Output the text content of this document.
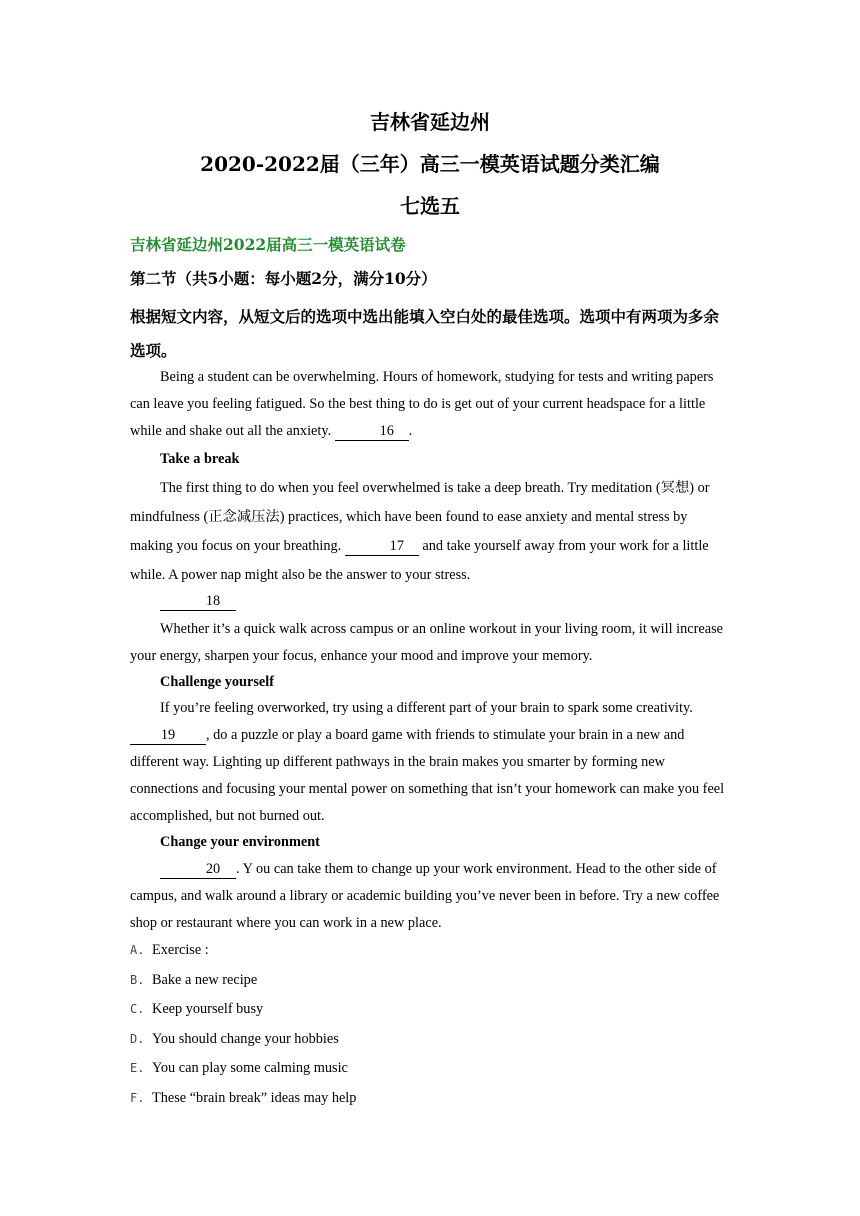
吉林省延边州
2020-2022届（三年）高三一模英语试题分类汇编
七选五
吉林省延边州2022届高三一模英语试卷
第二节（共5小题：每小题2分，满分10分）
根据短文内容，从短文后的选项中选出能填入空白处的最佳选项。选项中有两项为多余选项。
Being a student can be overwhelming. Hours of homework, studying for tests and writing papers can leave you feeling fatigued. So the best thing to do is get out of your current headspace for a little while and shake out all the anxiety.	16 .
Take a break
The first thing to do when you feel overwhelmed is take a deep breath. Try meditation (冥想) or mindfulness (正念减压法) practices, which have been found to ease anxiety and mental stress by making you focus on your breathing.	17 and take yourself away from your work for a little while. A power nap might also be the answer to your stress.
18
Whether it’s a quick walk across campus or an online workout in your living room, it will increase your energy, sharpen your focus, enhance your mood and improve your memory.
Challenge yourself
If you’re feeling overworked, try using a different part of your brain to spark some creativity.
19 , do a puzzle or play a board game with friends to stimulate your brain in a new and different way. Lighting up different pathways in the brain makes you smarter by forming new connections and focusing your mental power on something that isn’t your homework can make you feel accomplished, but not burned out.
Change your environment
20 . Y ou can take them to change up your work environment. Head to the other side of campus, and walk around a library or academic building you’ve never been in before. Try a new coffee shop or restaurant where you can work in a new place.
A. Exercise :
B. Bake a new recipe
C. Keep yourself busy
D. You should change your hobbies
E. You can play some calming music
F. These “brain break” ideas may help
